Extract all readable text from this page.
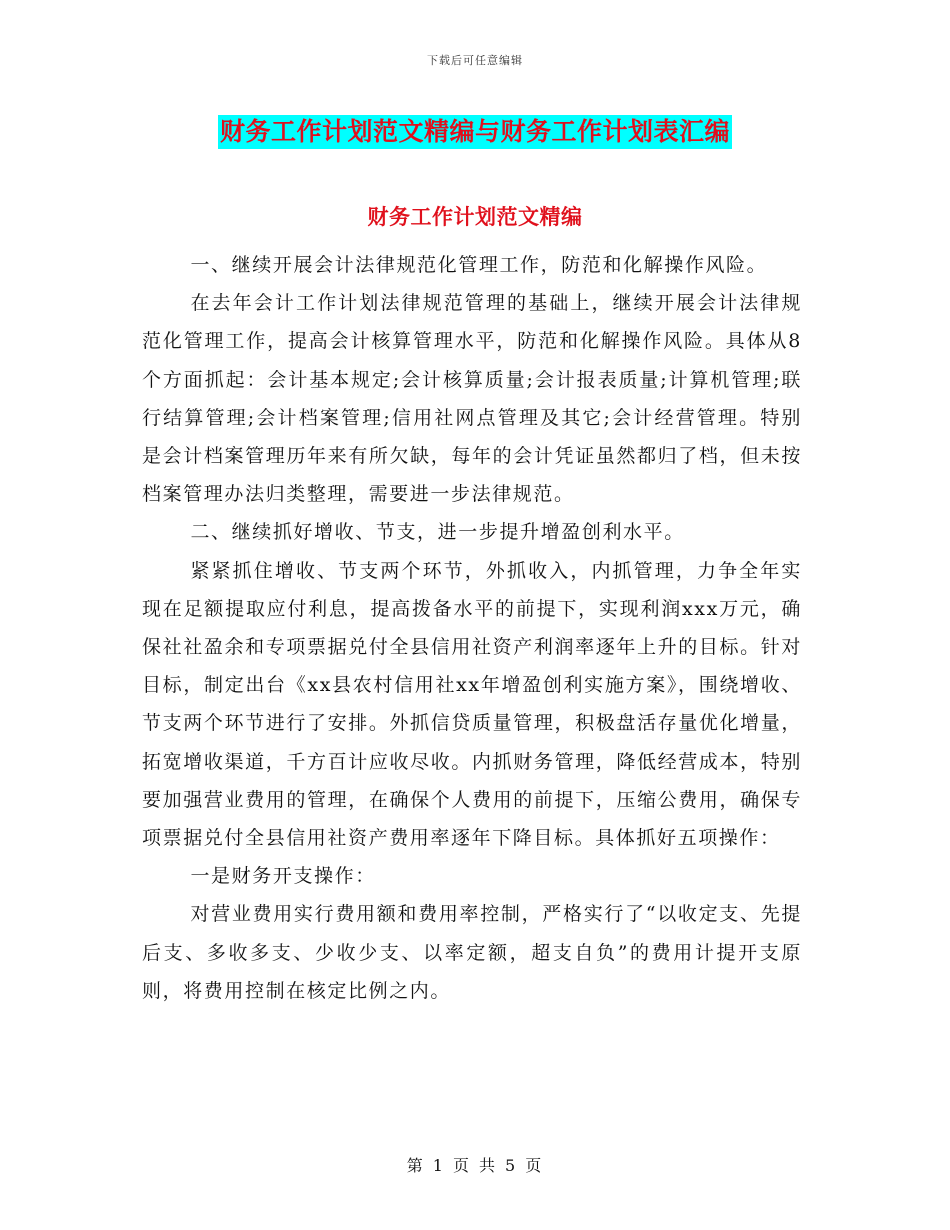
下载后可任意编辑
财务工作计划范文精编与财务工作计划表汇编
财务工作计划范文精编

一、继续开展会计法律规范化管理工作，防范和化解操作风险。

在去年会计工作计划法律规范管理的基础上，继续开展会计法律规范化管理工作，提高会计核算管理水平，防范和化解操作风险。具体从8个方面抓起：会计基本规定;会计核算质量;会计报表质量;计算机管理;联行结算管理;会计档案管理;信用社网点管理及其它;会计经营管理。特别是会计档案管理历年来有所欠缺，每年的会计凭证虽然都归了档，但未按档案管理办法归类整理，需要进一步法律规范。

二、继续抓好增收、节支，进一步提升增盈创利水平。

紧紧抓住增收、节支两个环节，外抓收入，内抓管理，力争全年实现在足额提取应付利息，提高拨备水平的前提下，实现利润xxx万元，确保社社盈余和专项票据兑付全县信用社资产利润率逐年上升的目标。针对目标，制定出台《xx县农村信用社xx年增盈创利实施方案》，围绕增收、节支两个环节进行了安排。外抓信贷质量管理，积极盘活存量优化增量，拓宽增收渠道，千方百计应收尽收。内抓财务管理，降低经营成本，特别要加强营业费用的管理，在确保个人费用的前提下，压缩公费用，确保专项票据兑付全县信用社资产费用率逐年下降目标。具体抓好五项操作：

一是财务开支操作：

对营业费用实行费用额和费用率控制，严格实行了“以收定支、先提后支、多收多支、少收少支、以率定额，超支自负”的费用计提开支原则，将费用控制在核定比例之内。

第 1 页 共 5 页
